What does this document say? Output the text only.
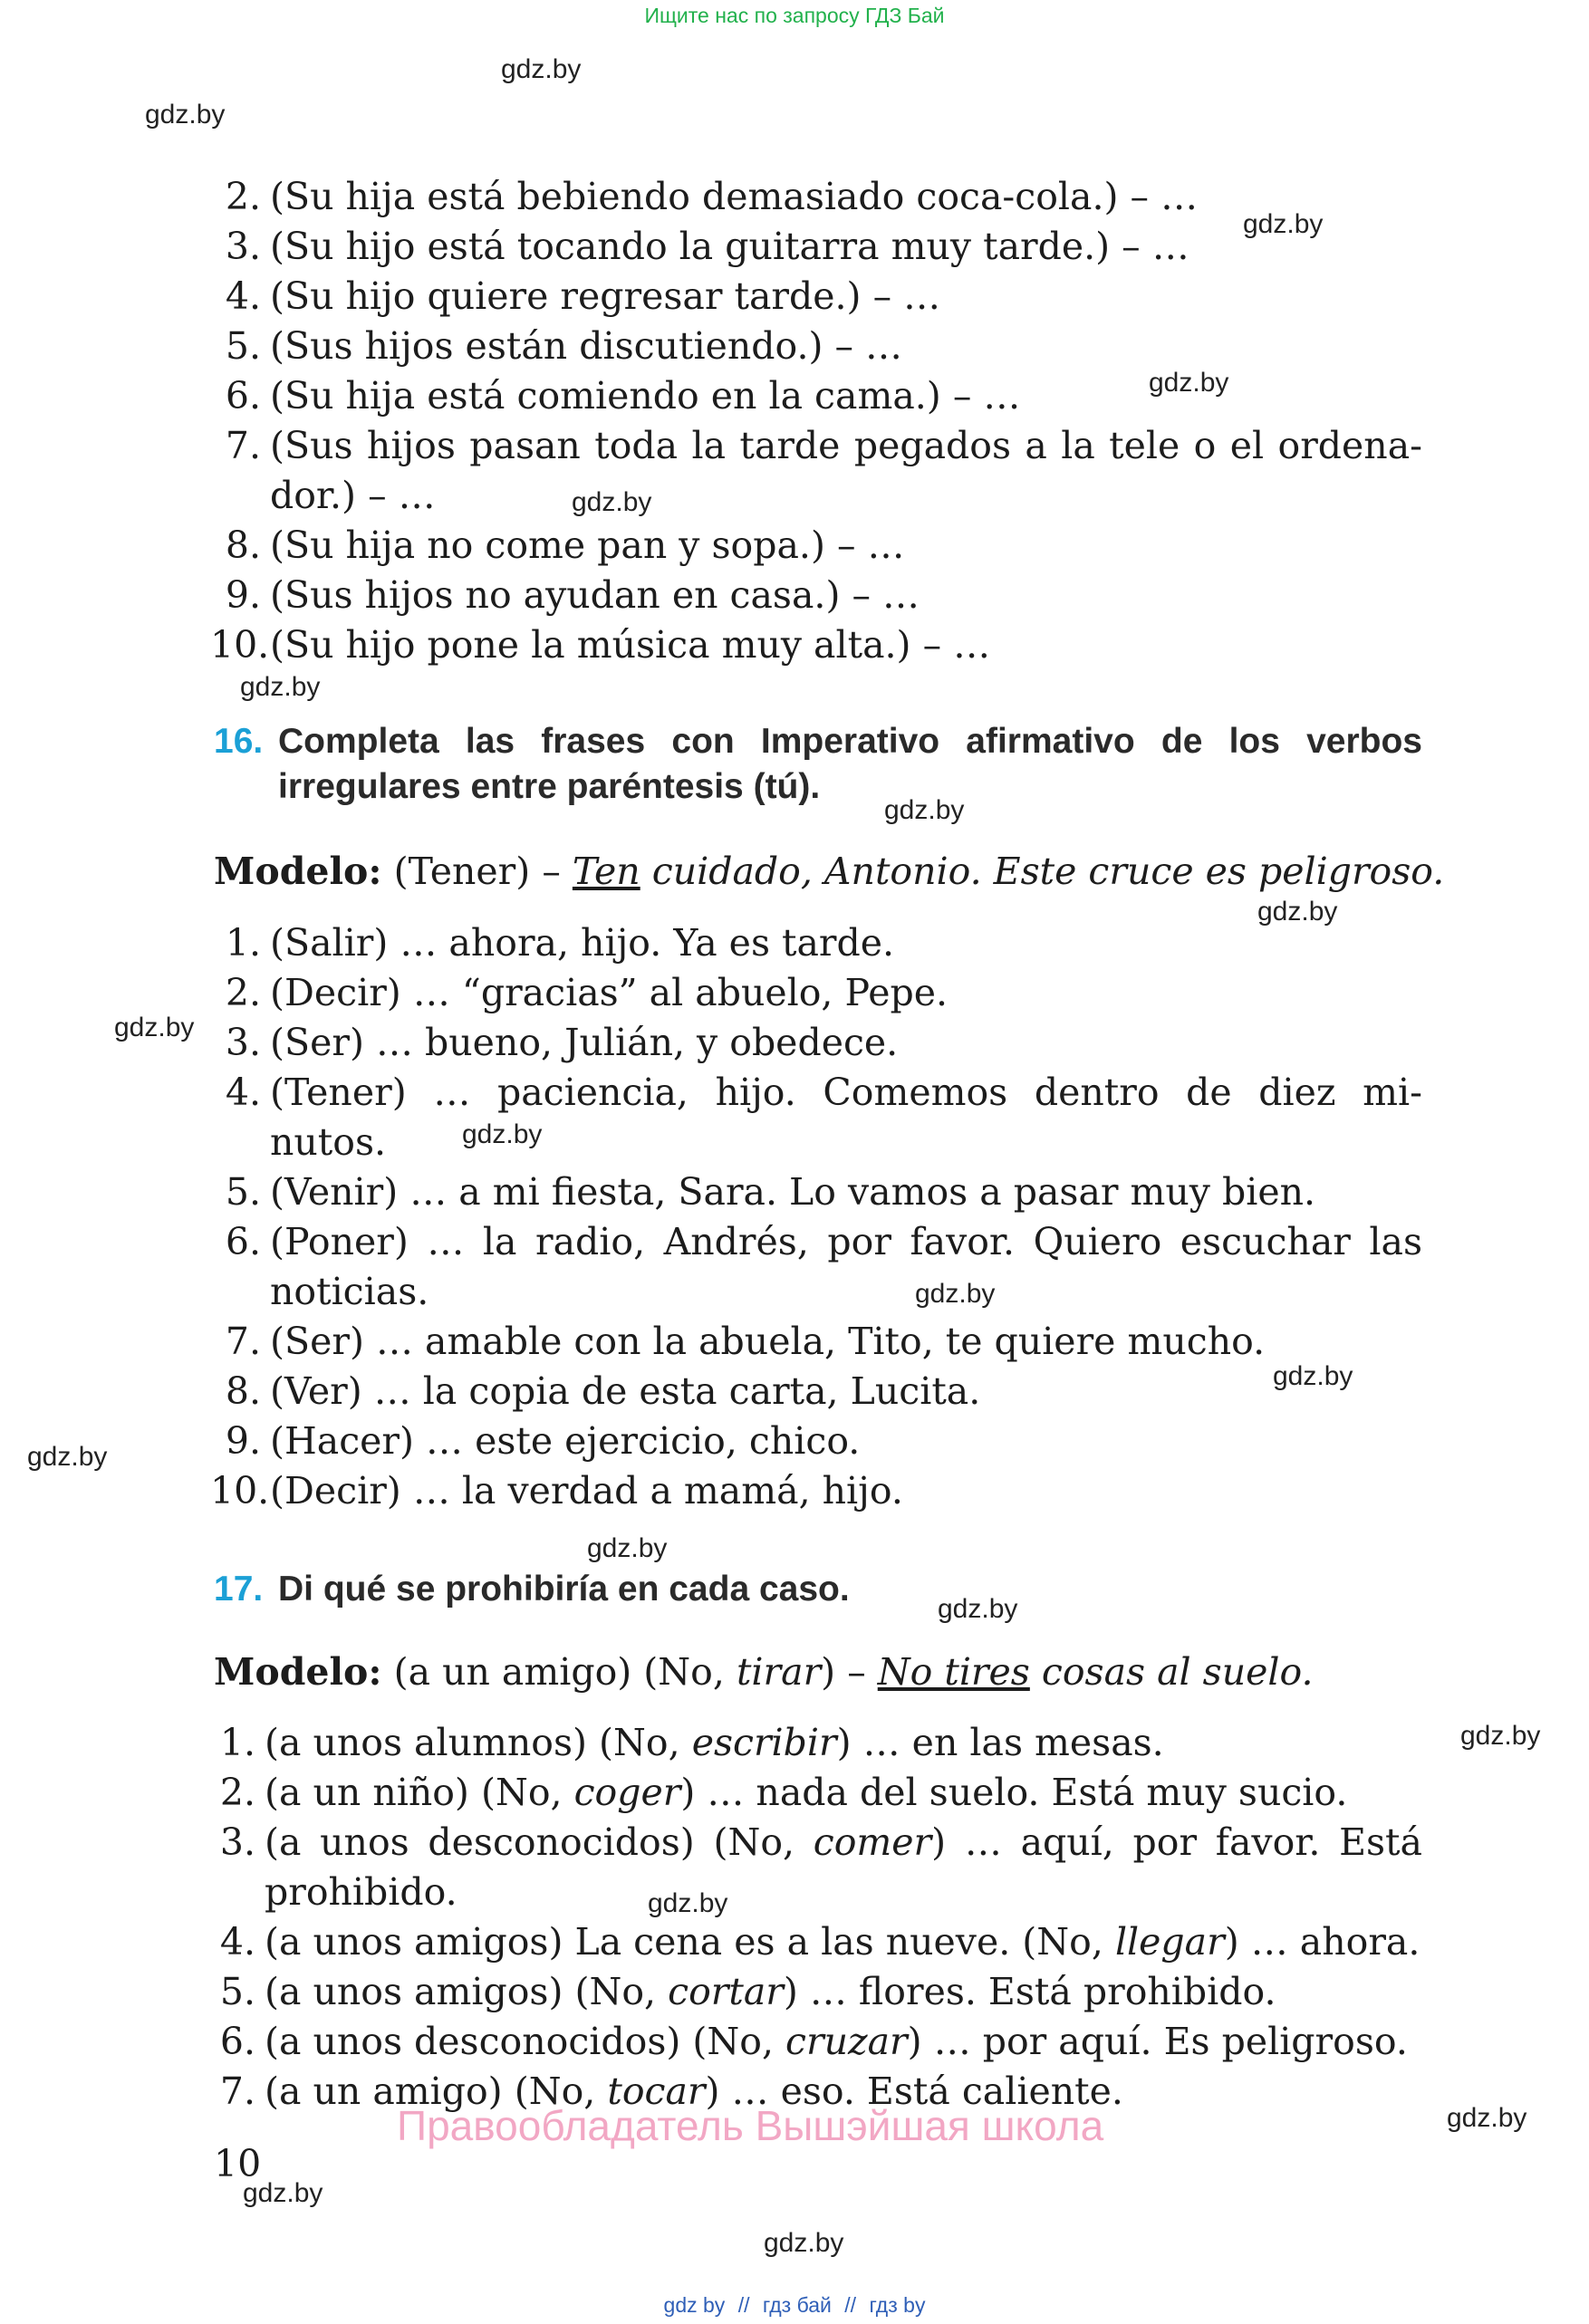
Ищите нас по запросу ГДЗ Бай
gdz.by
gdz.by
gdz.by
gdz.by
gdz.by
gdz.by
gdz.by
gdz.by
gdz.by
gdz.by
gdz.by
gdz.by
gdz.by
gdz.by
gdz.by
gdz.by
gdz.by
gdz.by
gdz.by
gdz.by
2. (Su hija está bebiendo demasiado coca-cola.) – …
3. (Su hijo está tocando la guitarra muy tarde.) – …
4. (Su hijo quiere regresar tarde.) – …
5. (Sus hijos están discutiendo.) – …
6. (Su hija está comiendo en la cama.) – …
7. (Sus hijos pasan toda la tarde pegados a la tele o el ordena-
dor.) – …
8. (Su hija no come pan y sopa.) – …
9. (Sus hijos no ayudan en casa.) – …
10.(Su hijo pone la música muy alta.) – …
16. Completa las frases con Imperativo afirmativo de los verbos
irregulares entre paréntesis (tú).
Modelo: (Tener) – Ten cuidado, Antonio. Este cruce es peligroso.
1. (Salir) … ahora, hijo. Ya es tarde.
2. (Decir) … “gracias” al abuelo, Pepe.
3. (Ser) … bueno, Julián, y obedece.
4. (Tener) … paciencia, hijo. Comemos dentro de diez mi-
nutos.
5. (Venir) … a mi fiesta, Sara. Lo vamos a pasar muy bien.
6. (Poner) … la radio, Andrés, por favor. Quiero escuchar las
noticias.
7. (Ser) … amable con la abuela, Tito, te quiere mucho.
8. (Ver) … la copia de esta carta, Lucita.
9. (Hacer) … este ejercicio, chico.
10.(Decir) … la verdad a mamá, hijo.
17. Di qué se prohibiría en cada caso.
Modelo: (a un amigo) (No, tirar) – No tires cosas al suelo.
1. (a unos alumnos) (No, escribir) … en las mesas.
2. (a un niño) (No, coger) … nada del suelo. Está muy sucio.
3. (a unos desconocidos) (No, comer) … aquí, por favor. Está
prohibido.
4. (a unos amigos) La cena es a las nueve. (No, llegar) … ahora.
5. (a unos amigos) (No, cortar) … flores. Está prohibido.
6. (a unos desconocidos) (No, cruzar) … por aquí. Es peligroso.
7. (a un amigo) (No, tocar) … eso. Está caliente.
Правообладатель Вышэйшая школа
10
gdz by // гдз бай // гдз by
